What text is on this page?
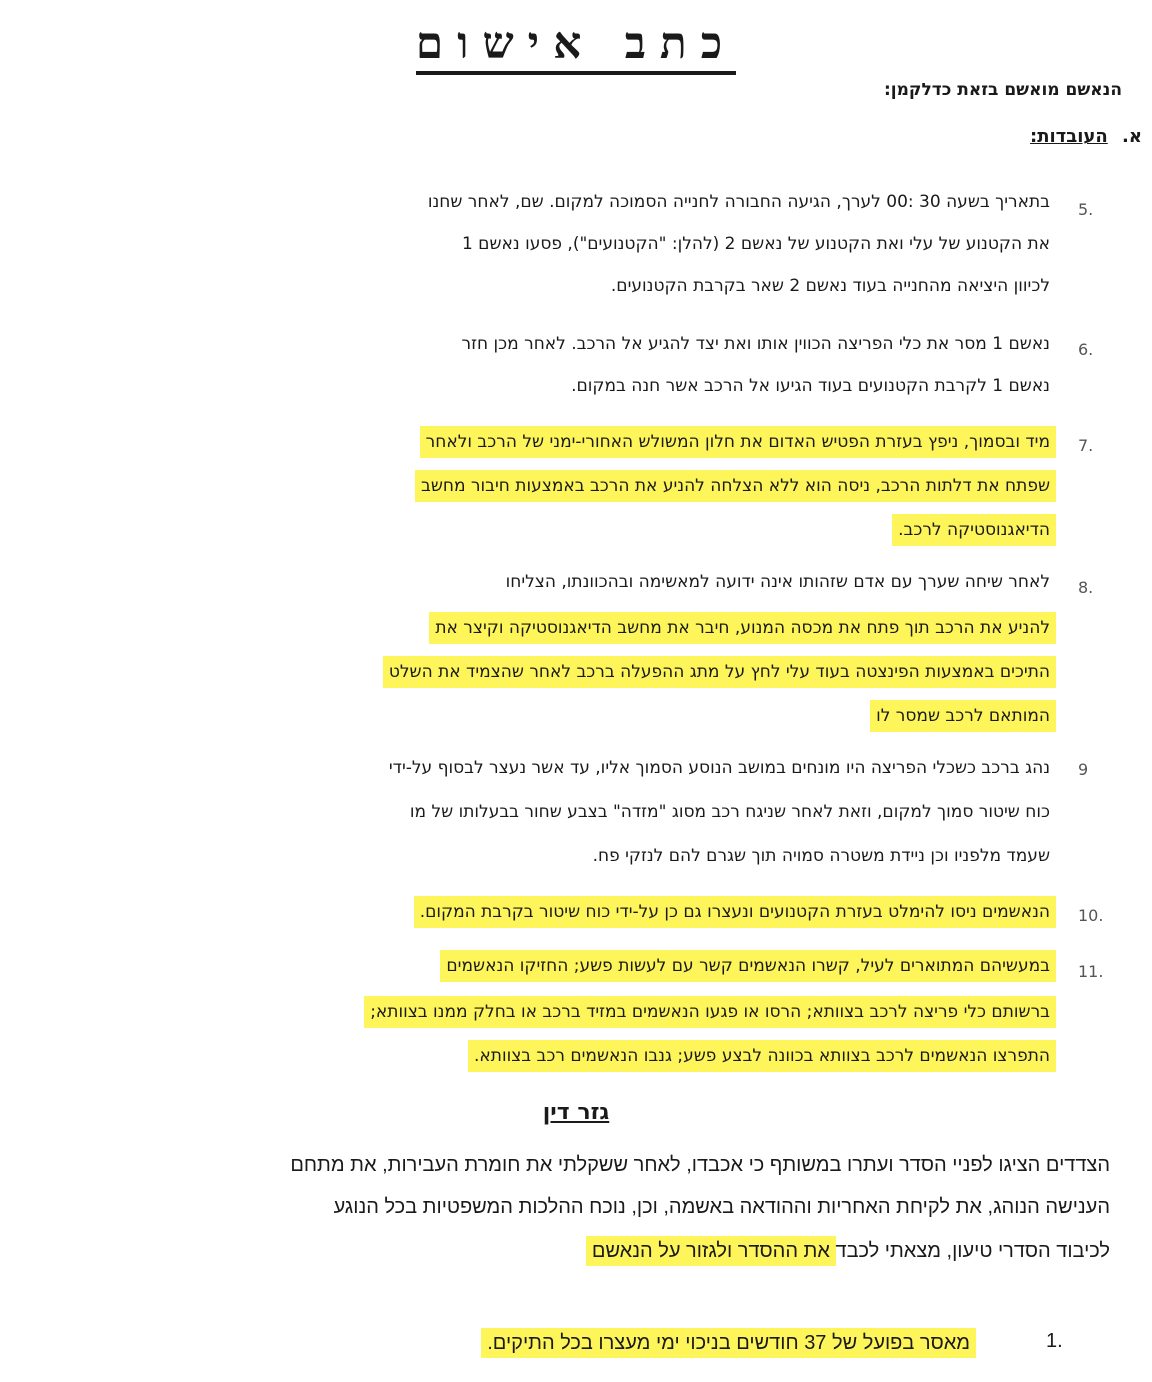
כתב אישום
הנאשם מואשם בזאת כדלקמן:
א. העובדות:
5.
בתאריך בשעה 30 :00 לערך, הגיעה החבורה לחנייה הסמוכה למקום. שם, לאחר שחנו
את הקטנוע של עלי ואת הקטנוע של נאשם 2 (להלן: "הקטנועים"), פסעו נאשם 1
לכיוון היציאה מהחנייה בעוד נאשם 2 שאר בקרבת הקטנועים.
6.
נאשם 1 מסר את כלי הפריצה הכווין אותו ואת יצד להגיע אל הרכב. לאחר מכן חזר
נאשם 1 לקרבת הקטנועים בעוד הגיעו אל הרכב אשר חנה במקום.
7.
מיד ובסמוך, ניפץ בעזרת הפטיש האדום את חלון המשולש האחורי-ימני של הרכב ולאחר
שפתח את דלתות הרכב, ניסה הוא ללא הצלחה להניע את הרכב באמצעות חיבור מחשב
הדיאגנוסטיקה לרכב.
8.
לאחר שיחה שערך עם אדם שזהותו אינה ידועה למאשימה ובהכוונתו, הצליחו
להניע את הרכב תוך פתח את מכסה המנוע, חיבר את מחשב הדיאגנוסטיקה וקיצר את
התיכים באמצעות הפינצטה בעוד עלי לחץ על מתג ההפעלה ברכב לאחר שהצמיד את השלט
המותאם לרכב שמסר לו
9
נהג ברכב כשכלי הפריצה היו מונחים במושב הנוסע הסמוך אליו, עד אשר נעצר לבסוף על-ידי
כוח שיטור סמוך למקום, וזאת לאחר שניגח רכב מסוג "מזדה" בצבע שחור בבעלותו של מו
שעמד מלפניו וכן ניידת משטרה סמויה תוך שגרם להם לנזקי פח.
10.
הנאשמים ניסו להימלט בעזרת הקטנועים ונעצרו גם כן על-ידי כוח שיטור בקרבת המקום.
11.
במעשיהם המתוארים לעיל, קשרו הנאשמים קשר עם לעשות פשע; החזיקו הנאשמים
ברשותם כלי פריצה לרכב בצוותא; הרסו או פגעו הנאשמים במזיד ברכב או בחלק ממנו בצוותא;
התפרצו הנאשמים לרכב בצוותא בכוונה לבצע פשע; גנבו הנאשמים רכב בצוותא.
גזר דין
הצדדים הציגו לפניי הסדר ועתרו במשותף כי אכבדו, לאחר ששקלתי את חומרת העבירות, את מתחם
הענישה הנוהג, את לקיחת האחריות וההודאה באשמה, וכן, נוכח ההלכות המשפטיות בכל הנוגע
לכיבוד הסדרי טיעון, מצאתי לכבד את ההסדר ולגזור על הנאשם
1.
מאסר בפועל של 37 חודשים בניכוי ימי מעצרו בכל התיקים.
